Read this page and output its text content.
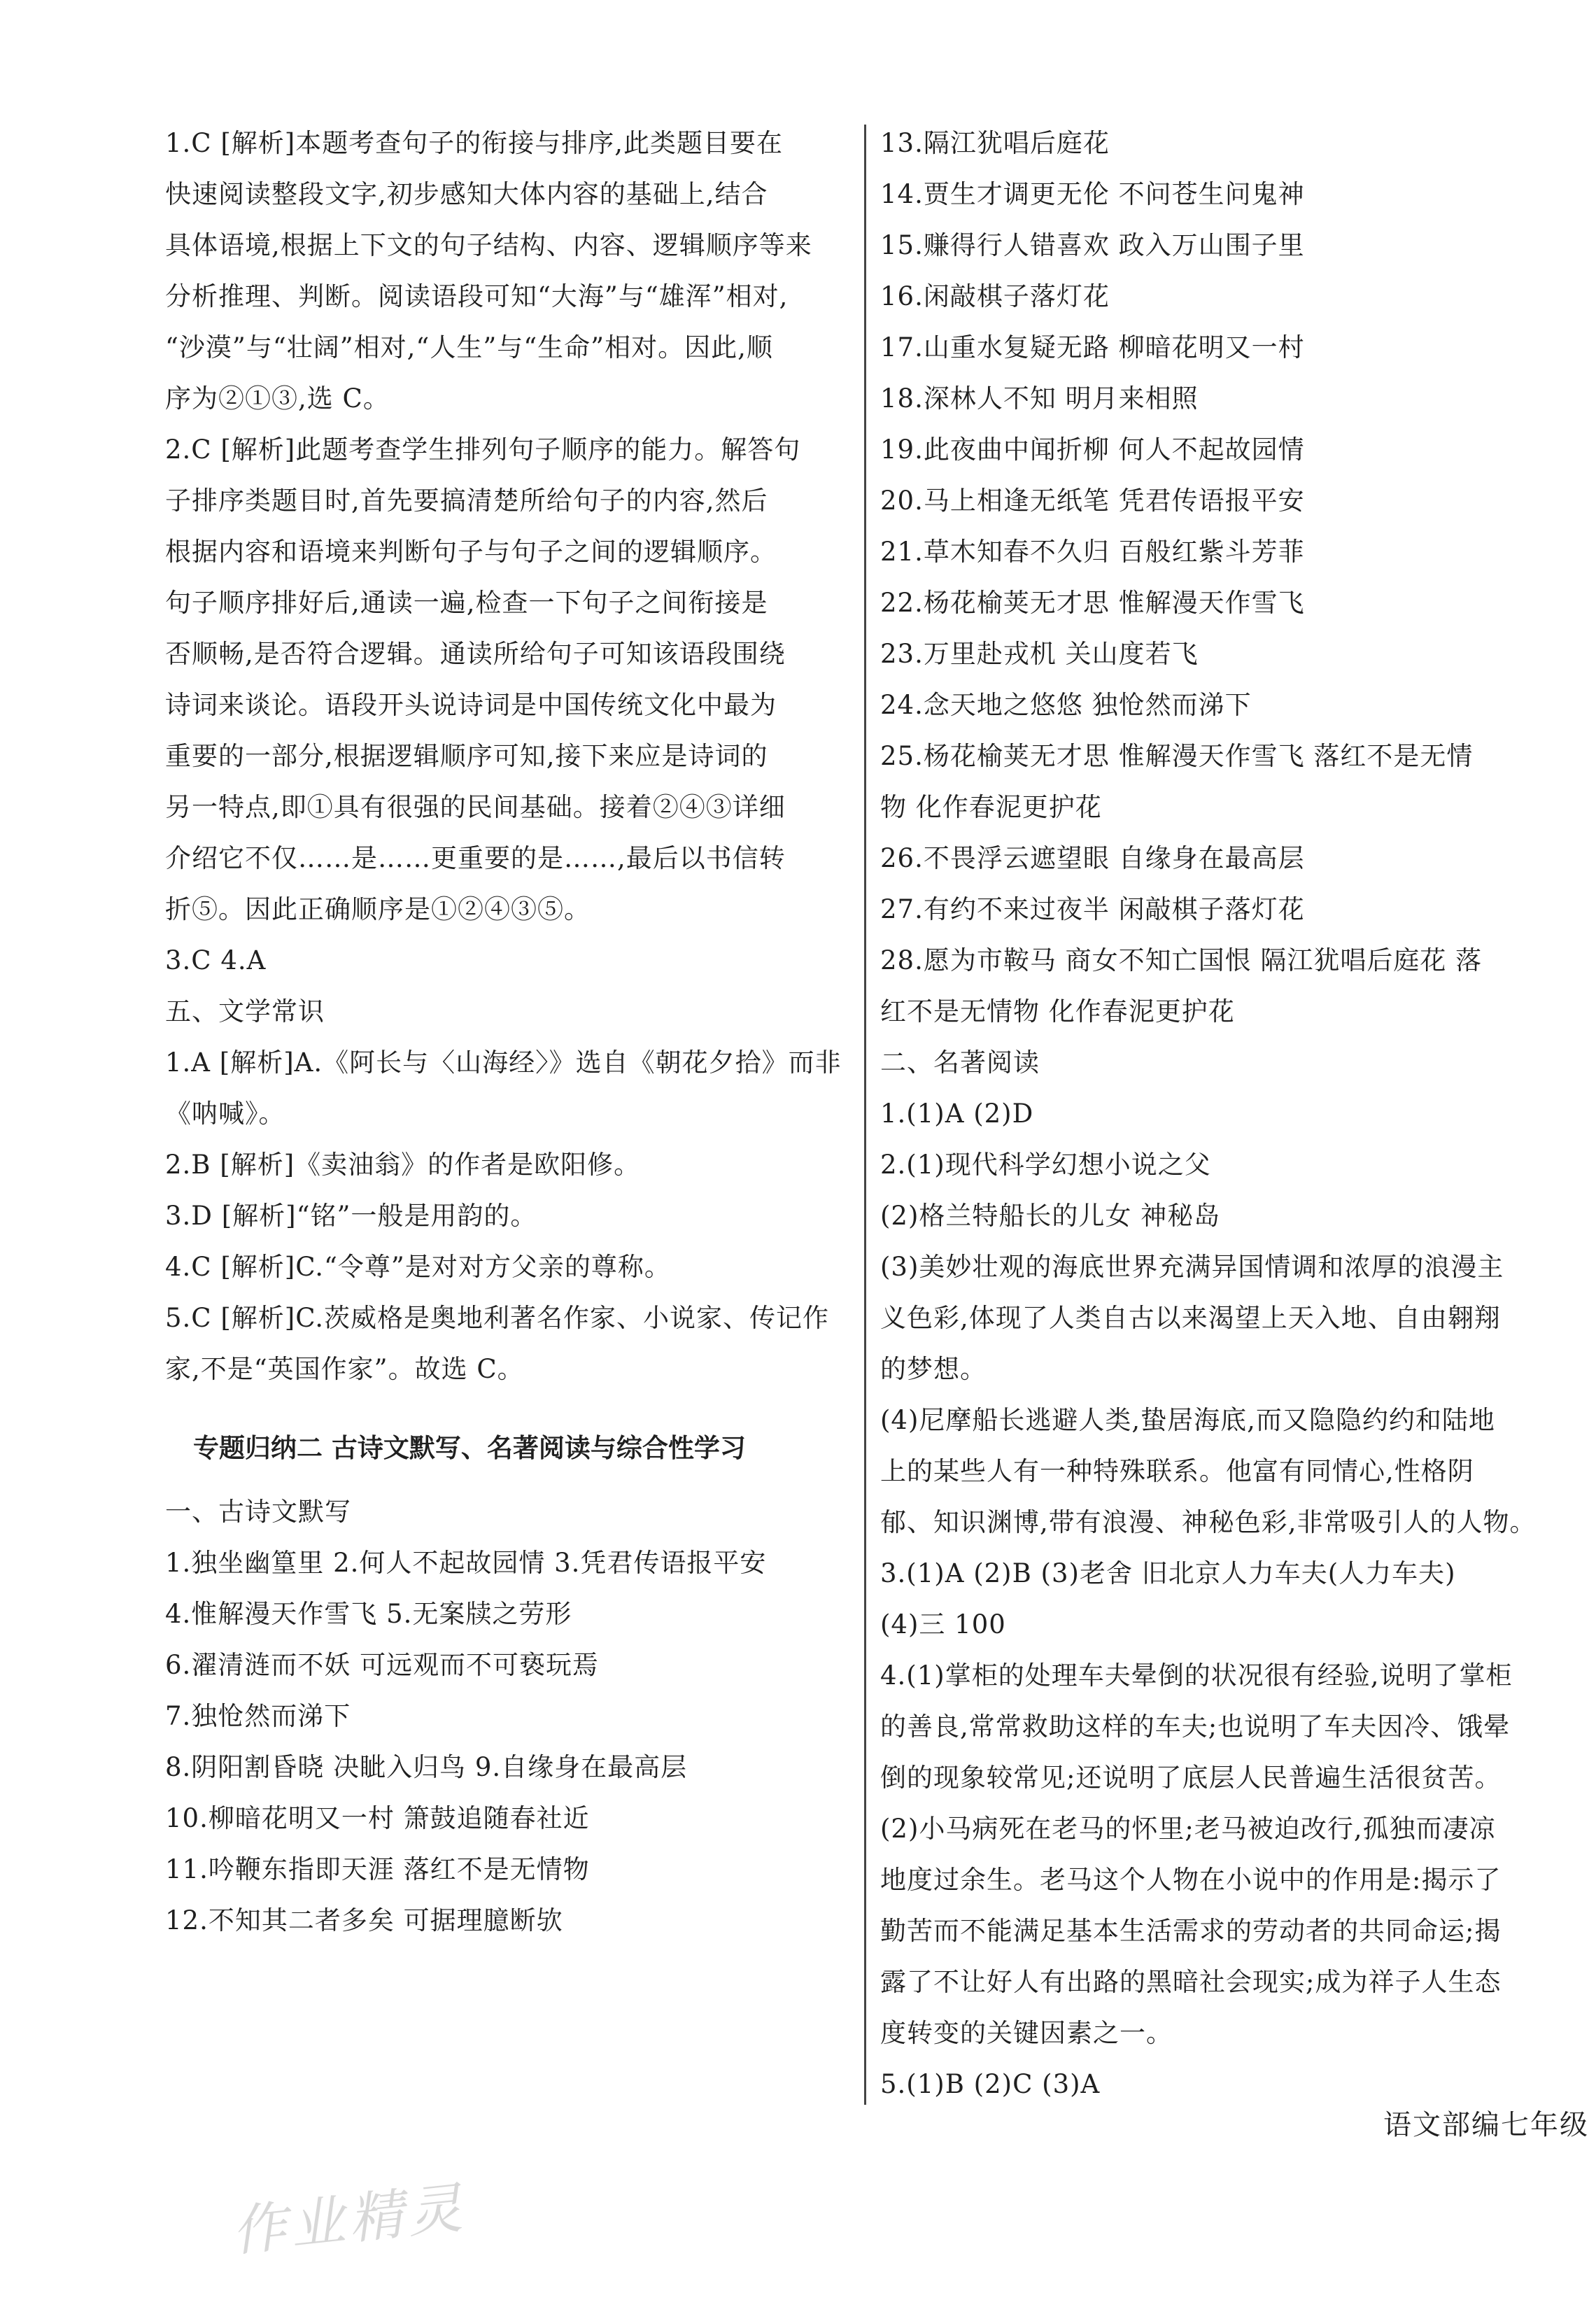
1.C [解析]本题考查句子的衔接与排序,此类题目要在
快速阅读整段文字,初步感知大体内容的基础上,结合
具体语境,根据上下文的句子结构、内容、逻辑顺序等来
分析推理、判断。阅读语段可知“大海”与“雄浑”相对,
“沙漠”与“壮阔”相对,“人生”与“生命”相对。因此,顺
序为②①③,选 C。
2.C [解析]此题考查学生排列句子顺序的能力。解答句
子排序类题目时,首先要搞清楚所给句子的内容,然后
根据内容和语境来判断句子与句子之间的逻辑顺序。
句子顺序排好后,通读一遍,检查一下句子之间衔接是
否顺畅,是否符合逻辑。通读所给句子可知该语段围绕
诗词来谈论。语段开头说诗词是中国传统文化中最为
重要的一部分,根据逻辑顺序可知,接下来应是诗词的
另一特点,即①具有很强的民间基础。接着②④③详细
介绍它不仅……是……更重要的是……,最后以书信转
折⑤。因此正确顺序是①②④③⑤。
3.C 4.A
五、文学常识
1.A [解析]A.《阿长与〈山海经〉》选自《朝花夕拾》而非
《呐喊》。
2.B [解析]《卖油翁》的作者是欧阳修。
3.D [解析]“铭”一般是用韵的。
4.C [解析]C.“令尊”是对对方父亲的尊称。
5.C [解析]C.茨威格是奥地利著名作家、小说家、传记作
家,不是“英国作家”。故选 C。
专题归纳二 古诗文默写、名著阅读与综合性学习
一、古诗文默写
1.独坐幽篁里 2.何人不起故园情 3.凭君传语报平安
4.惟解漫天作雪飞 5.无案牍之劳形
6.濯清涟而不妖 可远观而不可亵玩焉
7.独怆然而涕下
8.阴阳割昏晓 决眦入归鸟 9.自缘身在最高层
10.柳暗花明又一村 箫鼓追随春社近
11.吟鞭东指即天涯 落红不是无情物
12.不知其二者多矣 可据理臆断欤
13.隔江犹唱后庭花
14.贾生才调更无伦 不问苍生问鬼神
15.赚得行人错喜欢 政入万山围子里
16.闲敲棋子落灯花
17.山重水复疑无路 柳暗花明又一村
18.深林人不知 明月来相照
19.此夜曲中闻折柳 何人不起故园情
20.马上相逢无纸笔 凭君传语报平安
21.草木知春不久归 百般红紫斗芳菲
22.杨花榆荚无才思 惟解漫天作雪飞
23.万里赴戎机 关山度若飞
24.念天地之悠悠 独怆然而涕下
25.杨花榆荚无才思 惟解漫天作雪飞 落红不是无情
物 化作春泥更护花
26.不畏浮云遮望眼 自缘身在最高层
27.有约不来过夜半 闲敲棋子落灯花
28.愿为市鞍马 商女不知亡国恨 隔江犹唱后庭花 落
红不是无情物 化作春泥更护花
二、名著阅读
1.(1)A (2)D
2.(1)现代科学幻想小说之父
(2)格兰特船长的儿女 神秘岛
(3)美妙壮观的海底世界充满异国情调和浓厚的浪漫主
义色彩,体现了人类自古以来渴望上天入地、自由翱翔
的梦想。
(4)尼摩船长逃避人类,蛰居海底,而又隐隐约约和陆地
上的某些人有一种特殊联系。他富有同情心,性格阴
郁、知识渊博,带有浪漫、神秘色彩,非常吸引人的人物。
3.(1)A (2)B (3)老舍 旧北京人力车夫(人力车夫)
(4)三 100
4.(1)掌柜的处理车夫晕倒的状况很有经验,说明了掌柜
的善良,常常救助这样的车夫;也说明了车夫因冷、饿晕
倒的现象较常见;还说明了底层人民普遍生活很贫苦。
(2)小马病死在老马的怀里;老马被迫改行,孤独而凄凉
地度过余生。老马这个人物在小说中的作用是:揭示了
勤苦而不能满足基本生活需求的劳动者的共同命运;揭
露了不让好人有出路的黑暗社会现实;成为祥子人生态
度转变的关键因素之一。
5.(1)B (2)C (3)A
语文部编七年级
作业精灵
